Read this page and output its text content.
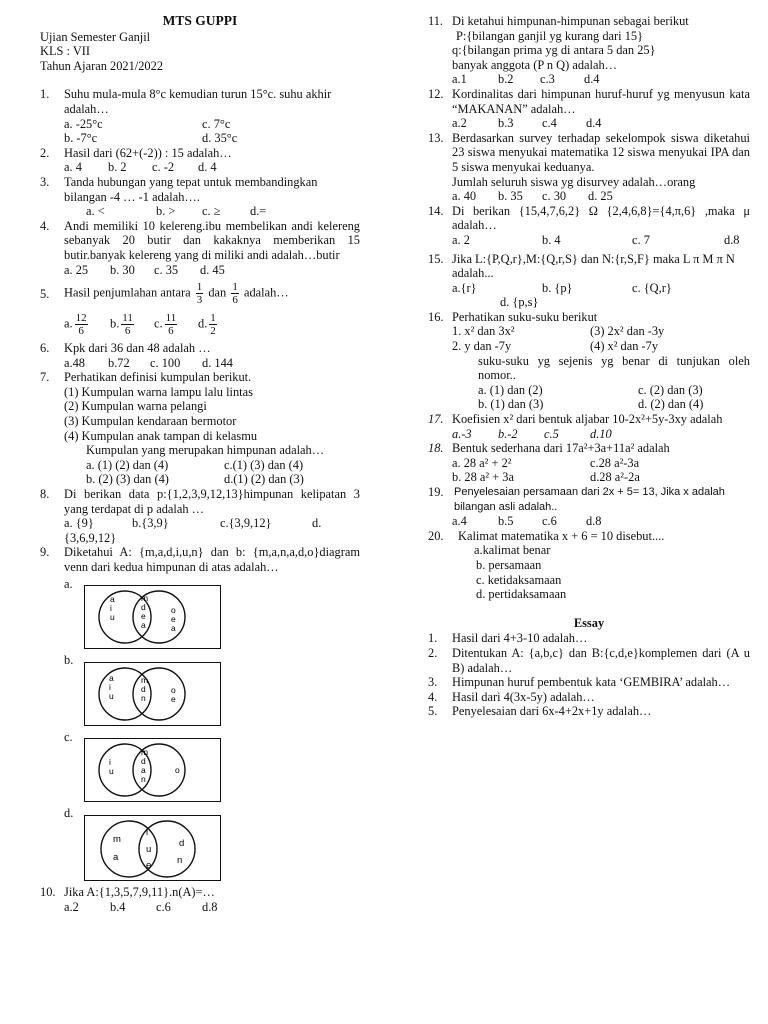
MTS GUPPI
Ujian Semester Ganjil
KLS : VII
Tahun Ajaran 2021/2022
1. Suhu mula-mula 8°c kemudian turun 15°c. suhu akhir adalah…
a. -25°c	c. 7°c
b. -7°c	d. 35°c
2. Hasil dari (62+(-2)) : 15 adalah…
a. 4	b. 2	c. -2	d. 4
3. Tanda hubungan yang tepat untuk membandingkan bilangan -4 … -1 adalah….
a. <	b. >	c. ≥	d.=
4. Andi memiliki 10 kelereng.ibu membelikan andi kelereng sebanyak 20 butir dan kakaknya memberikan 15 butir.banyak kelereng yang di miliki andi adalah…butir
a. 25	b. 30	c. 35	d. 45
5. Hasil penjumlahan antara $\frac{1}{3}$ dan $\frac{1}{6}$ adalah…
a. $\frac{12}{6} b$. $\frac{11}{6} c$. $\frac{11}{6} d$. $\frac{1}{2}$
6. Kpk dari 36 dan 48 adalah …
a.48	b.72	c. 100	d. 144
7. Perhatikan definisi kumpulan berikut.
(1) Kumpulan warna lampu lalu lintas
(2) Kumpulan warna pelangi
(3) Kumpulan kendaraan bermotor
(4) Kumpulan anak tampan di kelasmu
Kumpulan yang merupakan himpunan adalah…
a. (1) (2) dan (4)	c.(1) (3) dan (4)
b. (2) (3) dan (4)	d.(1) (2) dan (3)
8. Di berikan data p:{1,2,3,9,12,13}himpunan kelipatan 3 yang terdapat di p adalah …
a. {9}	b.{3,9}	c.{3,9,12}	d.
{3,6,9,12}
9. Diketahui A: {m,a,d,i,u,n} dan b: {m,a,n,a,d,o}diagram venn dari kedua himpunan di atas adalah…
a.
a i u
m d e a
o e a
b.
a i u
m d n
o e
c.
i u
m d a n
o
d.
m
a
i
u
e
d
n
10. Jika A:{1,3,5,7,9,11}.n(A)=…
a.2	b.4	c.6	d.8
11. Di ketahui himpunan-himpunan sebagai berikut
P:{bilangan ganjil yg kurang dari 15}
q:{bilangan prima yg di antara 5 dan 25}
banyak anggota (P n Q) adalah…
a.1	b.2	c.3	d.4
12. Kordinalitas dari himpunan huruf-huruf yg menyusun kata “MAKANAN” adalah…
a.2	b.3	c.4	d.4
13. Berdasarkan survey terhadap sekelompok siswa diketahui 23 siswa menyukai matematika 12 siswa menyukai IPA dan 5 siswa menyukai keduanya.
Jumlah seluruh siswa yg disurvey adalah…orang
a. 40	b. 35	c. 30	d. 25
14. Di berikan {15,4,7,6,2} Ω {2,4,6,8}={4,π,6} ,maka μ adalah…
a. 2	b. 4	c. 7	d.8
15. Jika L:{P,Q,r},M:{Q,r,S} dan N:{r,S,F} maka L π M π N adalah...
a.{r}	b. {p}	c. {Q,r}
d. {p,s}
16. Perhatikan suku-suku berikut
1. x² dan 3x²	(3) 2x² dan -3y
2. y dan -7y	(4) x² dan -7y
suku-suku yg sejenis yg benar di tunjukan oleh nomor..
a. (1) dan (2)	c. (2) dan (3)
b. (1) dan (3)	d. (2) dan (4)
17. Koefisien x² dari bentuk aljabar 10-2x²+5y-3xy adalah
a.-3	b.-2	c.5	d.10
18. Bentuk sederhana dari 17a²+3a+11a² adalah
a. 28 a² + 2²	c.28 a²-3a
b. 28 a² + 3a	d.28 a²-2a
19. Penyelesaian persamaan dari 2x + 5= 13, Jika x adalah bilangan asli adalah..
a.4	b.5	c.6	d.8
20.	Kalimat matematika x + 6 = 10 disebut....
a.kalimat benar
b. persamaan
c. ketidaksamaan
d. pertidaksamaan
Essay
1. Hasil dari 4+3-10 adalah…
2. Ditentukan A: {a,b,c} dan B:{c,d,e}komplemen dari (A u B) adalah…
3. Himpunan huruf pembentuk kata ‘GEMBIRA’ adalah…
4. Hasil dari 4(3x-5y) adalah…
5. Penyelesaian dari 6x-4+2x+1y adalah…
